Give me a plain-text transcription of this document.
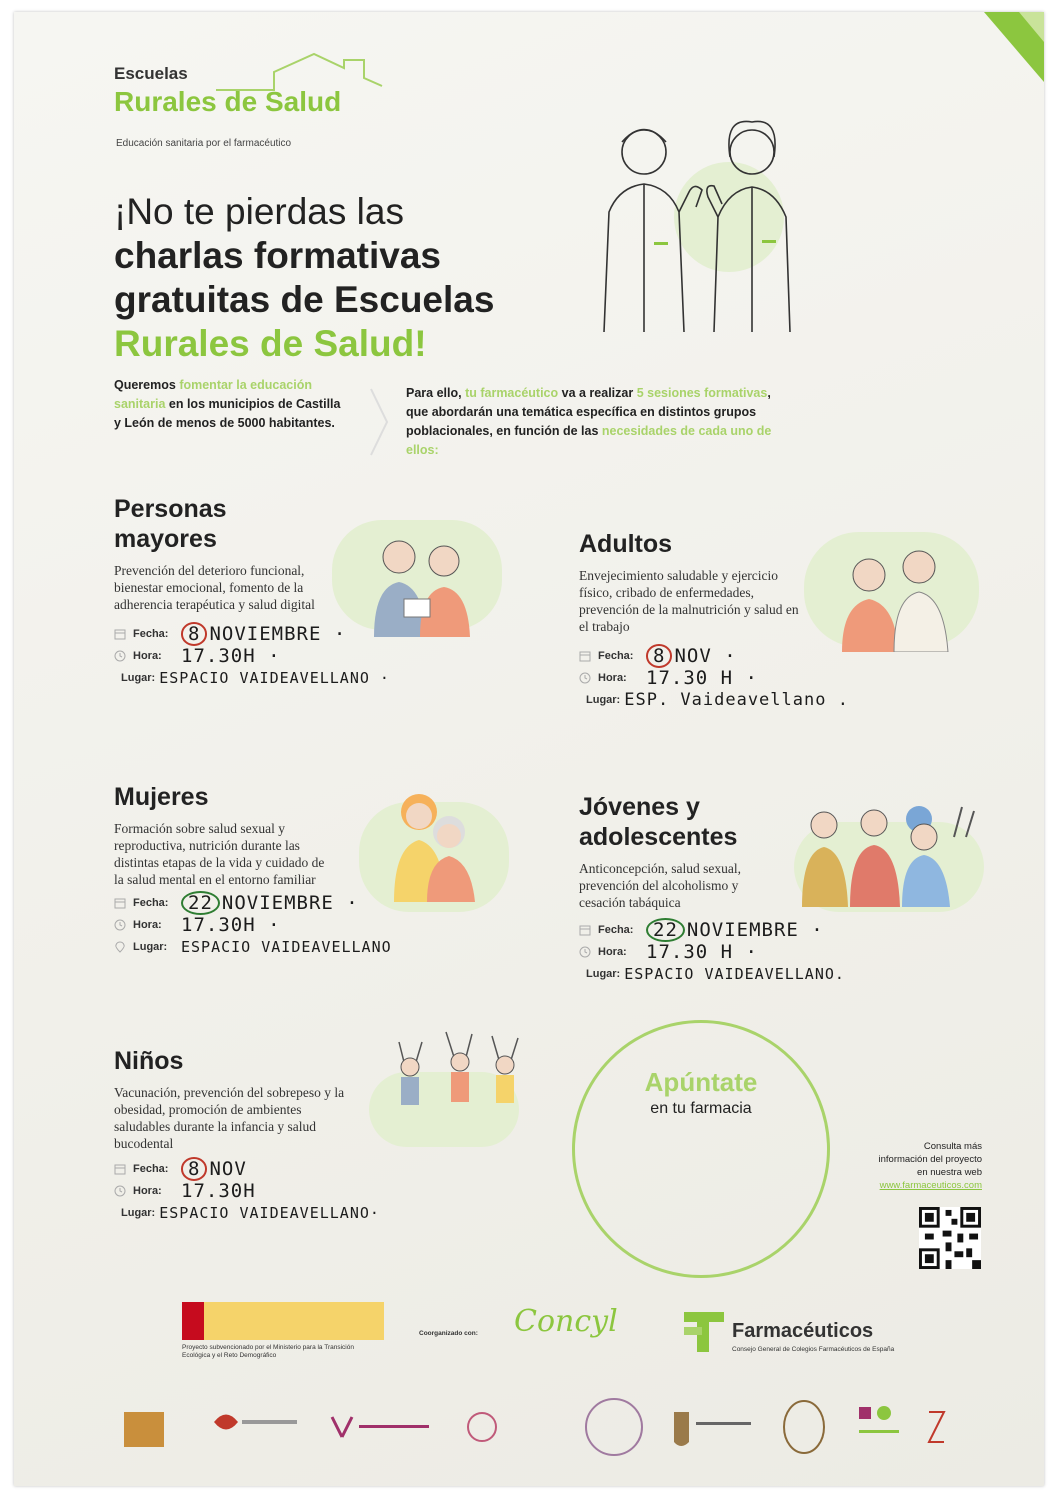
Escuelas
Rurales de Salud
Educación sanitaria por el farmacéutico
¡No te pierdas las
charlas formativas
gratuitas de Escuelas
Rurales de Salud!
Queremos fomentar la educación sanitaria en los municipios de Castilla y León de menos de 5000 habitantes.
Para ello, tu farmacéutico va a realizar 5 sesiones formativas, que abordarán una temática específica en distintos grupos poblacionales, en función de las necesidades de cada uno de ellos:
Personas
mayores
Prevención del deterioro funcional, bienestar emocional, fomento de la adherencia terapéutica y salud digital
Fecha:	8 NOVIEMBRE ·
Hora:	17.30H ·
Lugar: ESPACIO VAIDEAVELLANO ·
Adultos
Envejecimiento saludable y ejercicio físico, cribado de enfermedades, prevención de la malnutrición y salud en el trabajo
Fecha:	8 NOV ·
Hora:	17.30 H ·
Lugar: ESP. Vaideavellano .
Mujeres
Formación sobre salud sexual y reproductiva, nutrición durante las distintas etapas de la vida y cuidado de la salud mental en el entorno familiar
Fecha:	22 NOVIEMBRE ·
Hora:	17.30H ·
Lugar: ESPACIO VAIDEAVELLANO
Jóvenes y
adolescentes
Anticoncepción, salud sexual, prevención del alcoholismo y cesación tabáquica
Fecha:	22 NOVIEMBRE ·
Hora:	17.30 H ·
Lugar: ESPACIO VAIDEAVELLANO.
Niños
Vacunación, prevención del sobrepeso y la obesidad, promoción de ambientes saludables durante la infancia y salud bucodental
Fecha:	8 NOV
Hora:	17.30H
Lugar: ESPACIO VAIDEAVELLANO·
Apúntate
en tu farmacia
Consulta más
información del proyecto
en nuestra web
www.farmaceuticos.com
Proyecto subvencionado por el Ministerio para la Transición Ecológica y el Reto Demográfico
Coorganizado con: Concyl	Farmacéuticos
Consejo General de Colegios Farmacéuticos de España
